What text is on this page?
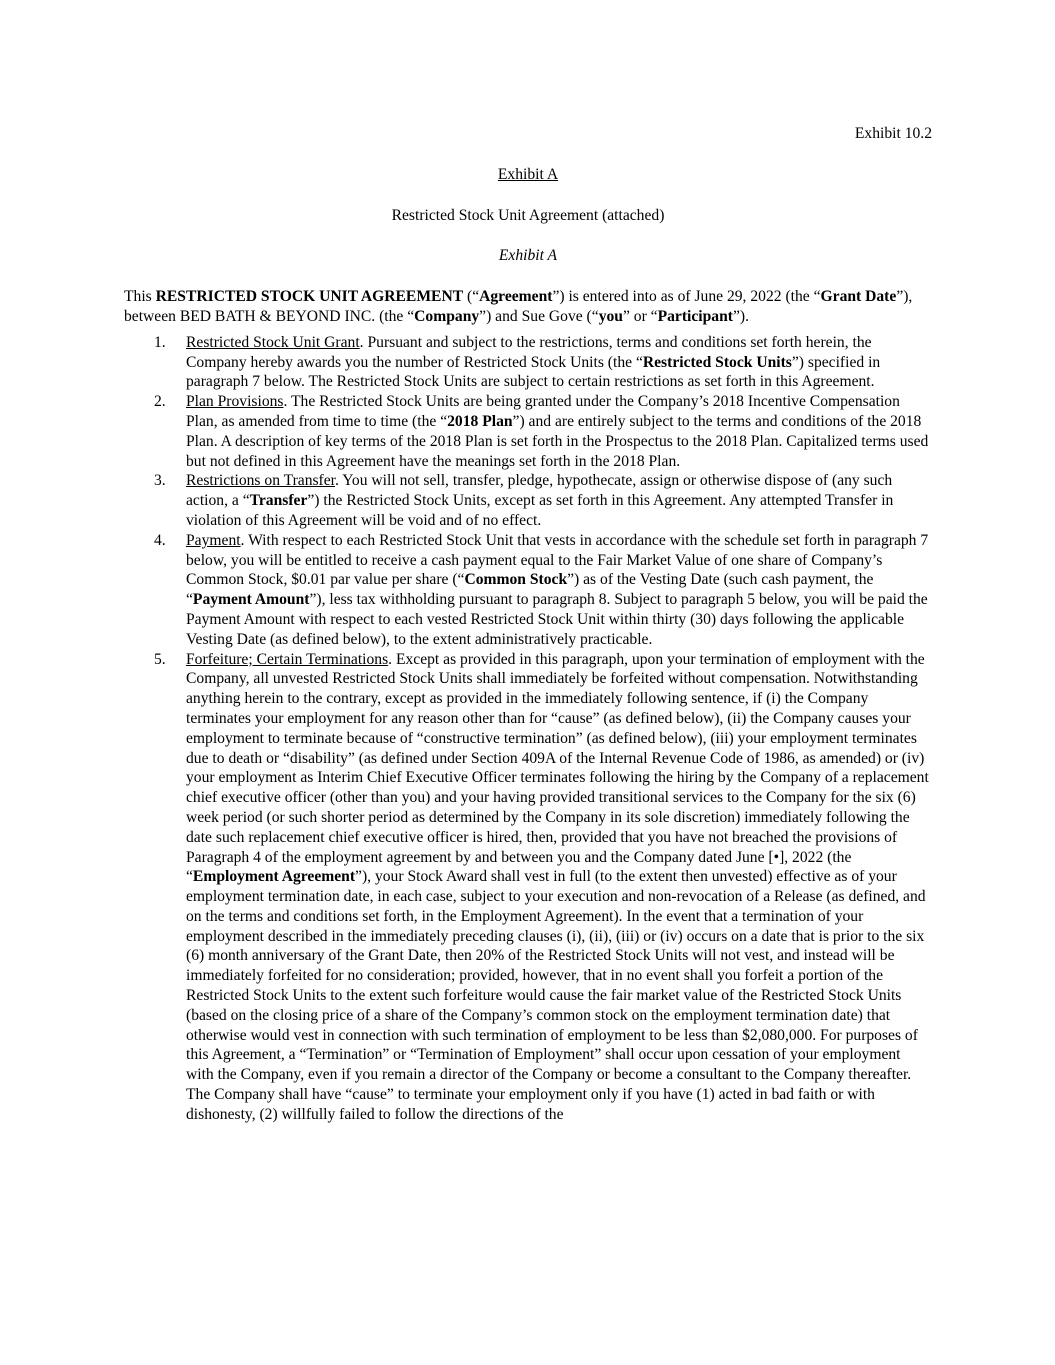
Exhibit 10.2

Exhibit A

Restricted Stock Unit Agreement (attached)

Exhibit A

This RESTRICTED STOCK UNIT AGREEMENT (“Agreement”) is entered into as of June 29, 2022 (the “Grant Date”), between BED BATH & BEYOND INC. (the “Company”) and Sue Gove (“you” or “Participant”).

1. Restricted Stock Unit Grant. Pursuant and subject to the restrictions, terms and conditions set forth herein, the Company hereby awards you the number of Restricted Stock Units (the “Restricted Stock Units”) specified in paragraph 7 below. The Restricted Stock Units are subject to certain restrictions as set forth in this Agreement.
2. Plan Provisions. The Restricted Stock Units are being granted under the Company’s 2018 Incentive Compensation Plan, as amended from time to time (the “2018 Plan”) and are entirely subject to the terms and conditions of the 2018 Plan. A description of key terms of the 2018 Plan is set forth in the Prospectus to the 2018 Plan. Capitalized terms used but not defined in this Agreement have the meanings set forth in the 2018 Plan.
3. Restrictions on Transfer. You will not sell, transfer, pledge, hypothecate, assign or otherwise dispose of (any such action, a “Transfer”) the Restricted Stock Units, except as set forth in this Agreement. Any attempted Transfer in violation of this Agreement will be void and of no effect.
4. Payment. With respect to each Restricted Stock Unit that vests in accordance with the schedule set forth in paragraph 7 below, you will be entitled to receive a cash payment equal to the Fair Market Value of one share of Company’s Common Stock, $0.01 par value per share (“Common Stock”) as of the Vesting Date (such cash payment, the “Payment Amount”), less tax withholding pursuant to paragraph 8. Subject to paragraph 5 below, you will be paid the Payment Amount with respect to each vested Restricted Stock Unit within thirty (30) days following the applicable Vesting Date (as defined below), to the extent administratively practicable.
5. Forfeiture; Certain Terminations. Except as provided in this paragraph, upon your termination of employment with the Company, all unvested Restricted Stock Units shall immediately be forfeited without compensation. Notwithstanding anything herein to the contrary, except as provided in the immediately following sentence, if (i) the Company terminates your employment for any reason other than for “cause” (as defined below), (ii) the Company causes your employment to terminate because of “constructive termination” (as defined below), (iii) your employment terminates due to death or “disability” (as defined under Section 409A of the Internal Revenue Code of 1986, as amended) or (iv) your employment as Interim Chief Executive Officer terminates following the hiring by the Company of a replacement chief executive officer (other than you) and your having provided transitional services to the Company for the six (6) week period (or such shorter period as determined by the Company in its sole discretion) immediately following the date such replacement chief executive officer is hired, then, provided that you have not breached the provisions of Paragraph 4 of the employment agreement by and between you and the Company dated June [•], 2022 (the “Employment Agreement”), your Stock Award shall vest in full (to the extent then unvested) effective as of your employment termination date, in each case, subject to your execution and non-revocation of a Release (as defined, and on the terms and conditions set forth, in the Employment Agreement). In the event that a termination of your employment described in the immediately preceding clauses (i), (ii), (iii) or (iv) occurs on a date that is prior to the six (6) month anniversary of the Grant Date, then 20% of the Restricted Stock Units will not vest, and instead will be immediately forfeited for no consideration; provided, however, that in no event shall you forfeit a portion of the Restricted Stock Units to the extent such forfeiture would cause the fair market value of the Restricted Stock Units (based on the closing price of a share of the Company’s common stock on the employment termination date) that otherwise would vest in connection with such termination of employment to be less than $2,080,000. For purposes of this Agreement, a “Termination” or “Termination of Employment” shall occur upon cessation of your employment with the Company, even if you remain a director of the Company or become a consultant to the Company thereafter. The Company shall have “cause” to terminate your employment only if you have (1) acted in bad faith or with dishonesty, (2) willfully failed to follow the directions of the
